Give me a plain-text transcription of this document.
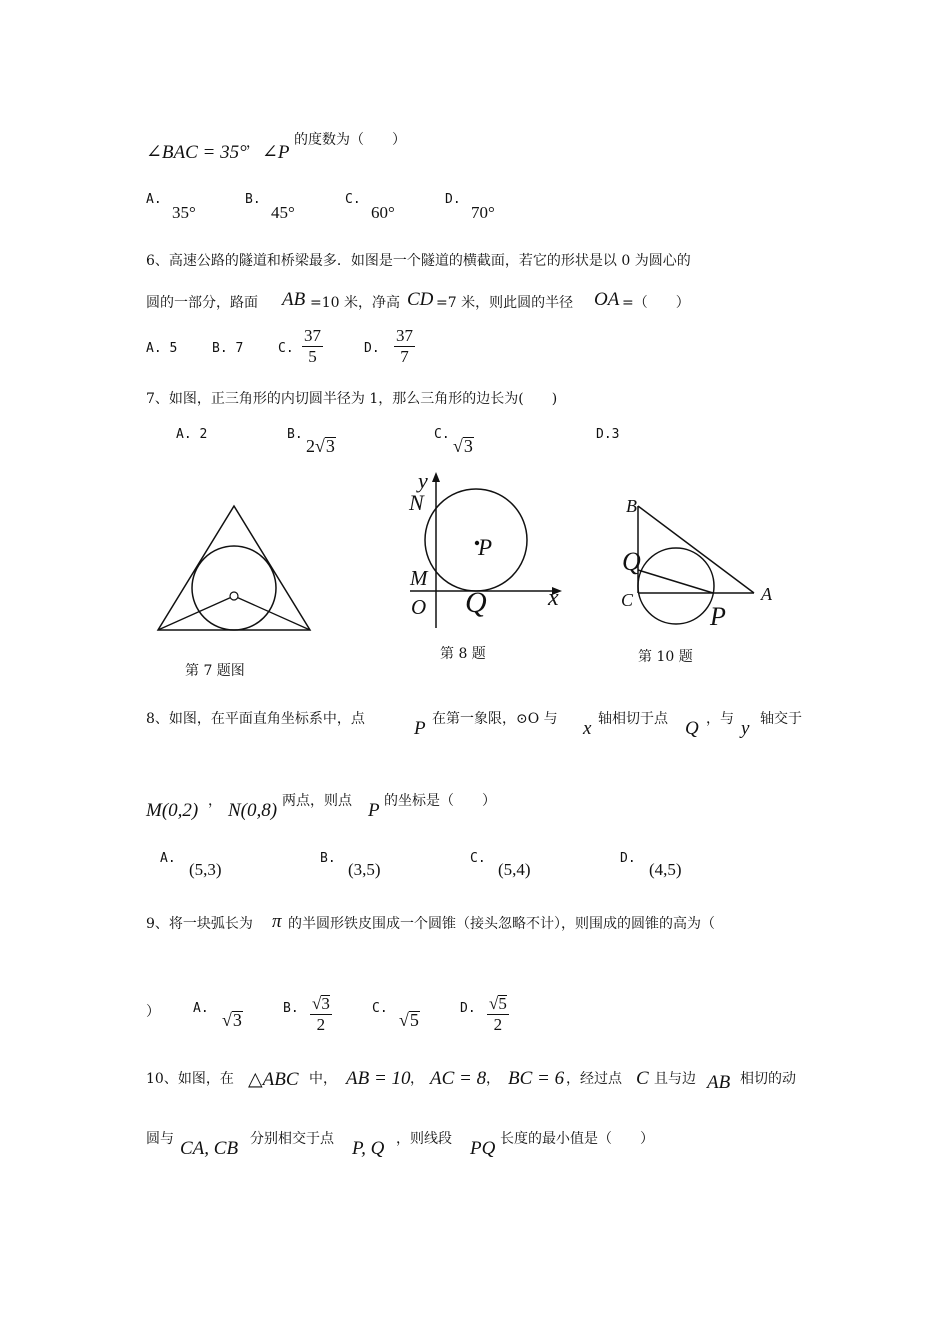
∠BAC = 35° ， ∠P
的度数为（　　）
A.
35°
B.
45°
C.
60°
D.
70°
6、高速公路的隧道和桥梁最多．如图是一个隧道的横截面，若它的形状是以 0 为圆心的
圆的一部分，路面 AB =10 米，净高 CD =7 米，则此圆的半径 OA =（　　）
A. 5	B. 7	C. $\frac{37}{5}$	D. $\frac{37}{7}$
7、如图，正三角形的内切圆半径为 1，那么三角形的边长为(　　)
A. 2	B.
2√3
C.
√3
D.3
第 7 题图
y
N
M
O Q	x
P
第 8 题
B
Q
C	A
P
第 10 题
8、如图，在平面直角坐标系中，点	P 在第一象限，⊙O 与 x 轴相切于点 Q ，与 y 轴交于
M(0,2) ， N(0,8) 两点，则点 P 的坐标是（　　）
A.
(5,3)
B.
(3,5)
C.
(5,4)
D.
(4,5)
9、将一块弧长为 π 的半圆形铁皮围成一个圆锥（接头忽略不计），则围成的圆锥的高为（
）	A.
√3
B. $\frac{√3}{2}$	C.
√5
D. $\frac{√5}{2}$
10、如图，在 △ABC 中， AB = 10 ， AC = 8 ， BC = 6 ，经过点 C 且与边 AB 相切的动
圆与 CA, CB 分别相交于点 P, Q ，则线段 PQ 长度的最小值是（　　）
